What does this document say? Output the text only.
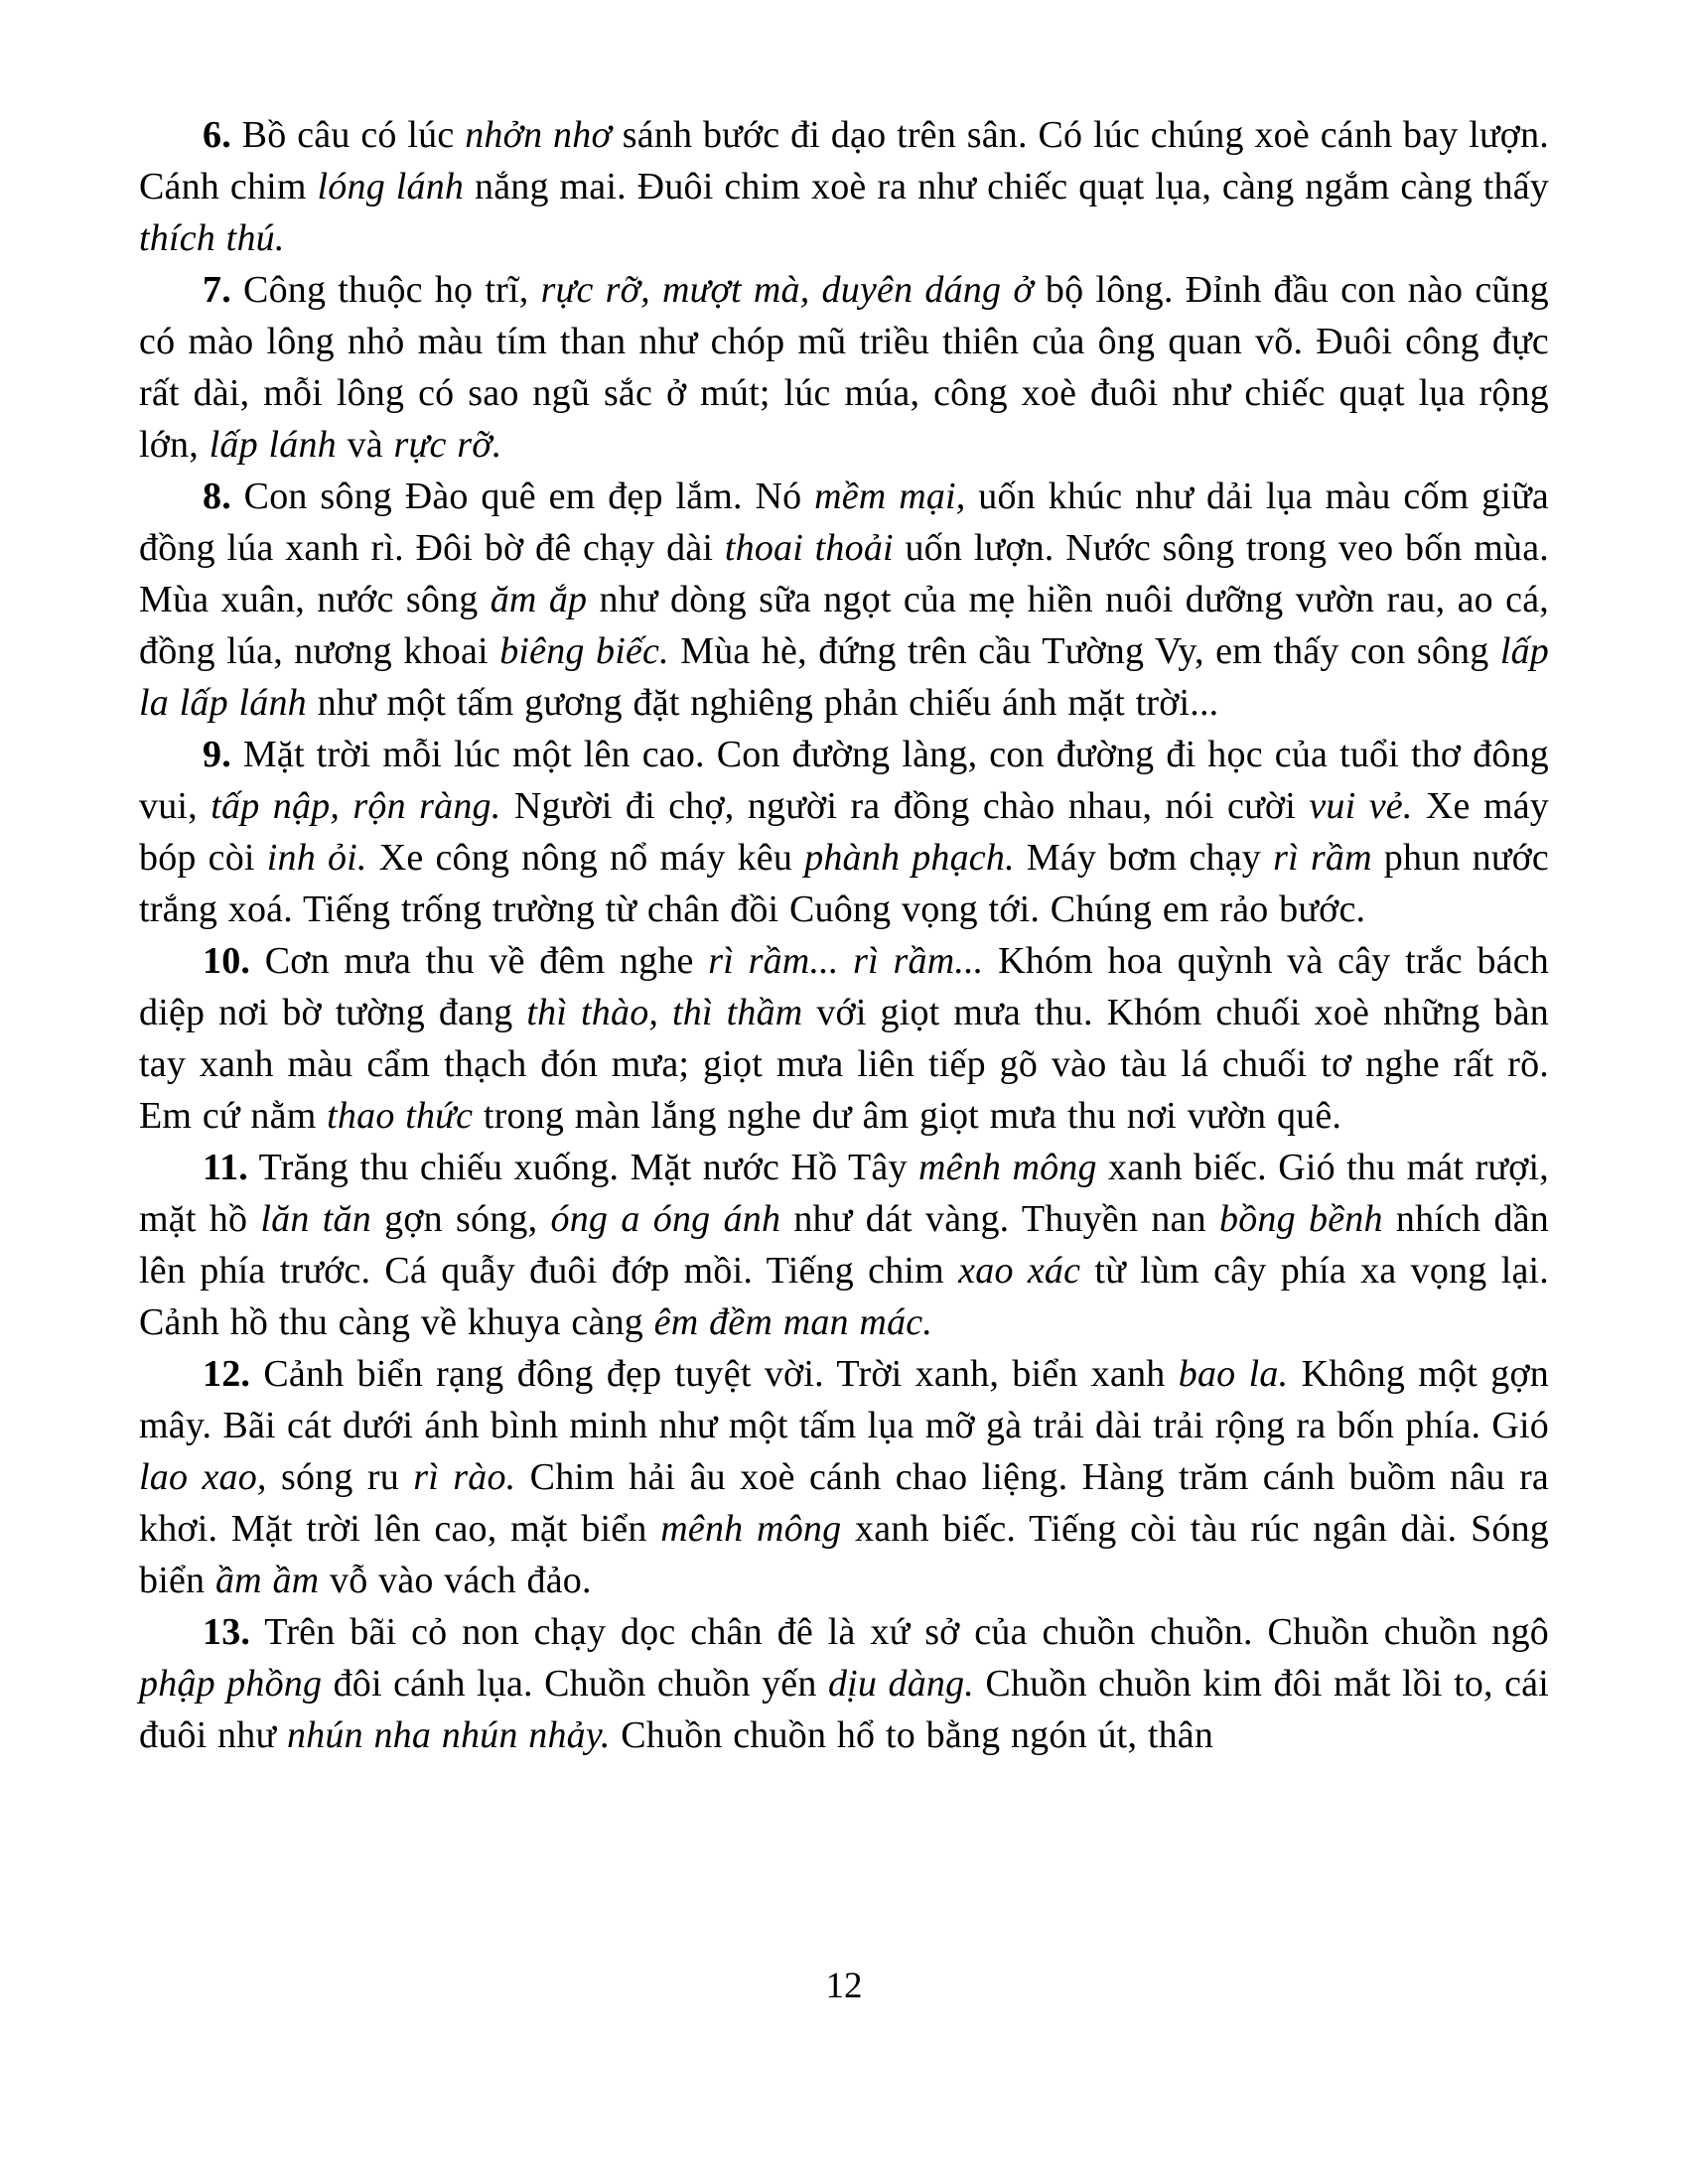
6. Bồ câu có lúc nhởn nhơ sánh bước đi dạo trên sân. Có lúc chúng xoè cánh bay lượn. Cánh chim lóng lánh nắng mai. Đuôi chim xoè ra như chiếc quạt lụa, càng ngắm càng thấy thích thú.

7. Công thuộc họ trĩ, rực rỡ, mượt mà, duyên dáng ở bộ lông. Đỉnh đầu con nào cũng có mào lông nhỏ màu tím than như chóp mũ triều thiên của ông quan võ. Đuôi công đực rất dài, mỗi lông có sao ngũ sắc ở mút; lúc múa, công xoè đuôi như chiếc quạt lụa rộng lớn, lấp lánh và rực rỡ.

8. Con sông Đào quê em đẹp lắm. Nó mềm mại, uốn khúc như dải lụa màu cốm giữa đồng lúa xanh rì. Đôi bờ đê chạy dài thoai thoải uốn lượn. Nước sông trong veo bốn mùa. Mùa xuân, nước sông ăm ắp như dòng sữa ngọt của mẹ hiền nuôi dưỡng vườn rau, ao cá, đồng lúa, nương khoai biêng biếc. Mùa hè, đứng trên cầu Tường Vy, em thấy con sông lấp la lấp lánh như một tấm gương đặt nghiêng phản chiếu ánh mặt trời...

9. Mặt trời mỗi lúc một lên cao. Con đường làng, con đường đi học của tuổi thơ đông vui, tấp nập, rộn ràng. Người đi chợ, người ra đồng chào nhau, nói cười vui vẻ. Xe máy bóp còi inh ỏi. Xe công nông nổ máy kêu phành phạch. Máy bơm chạy rì rầm phun nước trắng xoá. Tiếng trống trường từ chân đồi Cuông vọng tới. Chúng em rảo bước.

10. Cơn mưa thu về đêm nghe rì rầm... rì rầm... Khóm hoa quỳnh và cây trắc bách diệp nơi bờ tường đang thì thào, thì thầm với giọt mưa thu. Khóm chuối xoè những bàn tay xanh màu cẩm thạch đón mưa; giọt mưa liên tiếp gõ vào tàu lá chuối tơ nghe rất rõ. Em cứ nằm thao thức trong màn lắng nghe dư âm giọt mưa thu nơi vườn quê.

11. Trăng thu chiếu xuống. Mặt nước Hồ Tây mênh mông xanh biếc. Gió thu mát rượi, mặt hồ lăn tăn gợn sóng, óng a óng ánh như dát vàng. Thuyền nan bồng bềnh nhích dần lên phía trước. Cá quẫy đuôi đớp mồi. Tiếng chim xao xác từ lùm cây phía xa vọng lại. Cảnh hồ thu càng về khuya càng êm đềm man mác.

12. Cảnh biển rạng đông đẹp tuyệt vời. Trời xanh, biển xanh bao la. Không một gợn mây. Bãi cát dưới ánh bình minh như một tấm lụa mỡ gà trải dài trải rộng ra bốn phía. Gió lao xao, sóng ru rì rào. Chim hải âu xoè cánh chao liệng. Hàng trăm cánh buồm nâu ra khơi. Mặt trời lên cao, mặt biển mênh mông xanh biếc. Tiếng còi tàu rúc ngân dài. Sóng biển ầm ầm vỗ vào vách đảo.

13. Trên bãi cỏ non chạy dọc chân đê là xứ sở của chuồn chuồn. Chuồn chuồn ngô phập phồng đôi cánh lụa. Chuồn chuồn yến dịu dàng. Chuồn chuồn kim đôi mắt lồi to, cái đuôi như nhún nha nhún nhảy. Chuồn chuồn hổ to bằng ngón út, thân

12
